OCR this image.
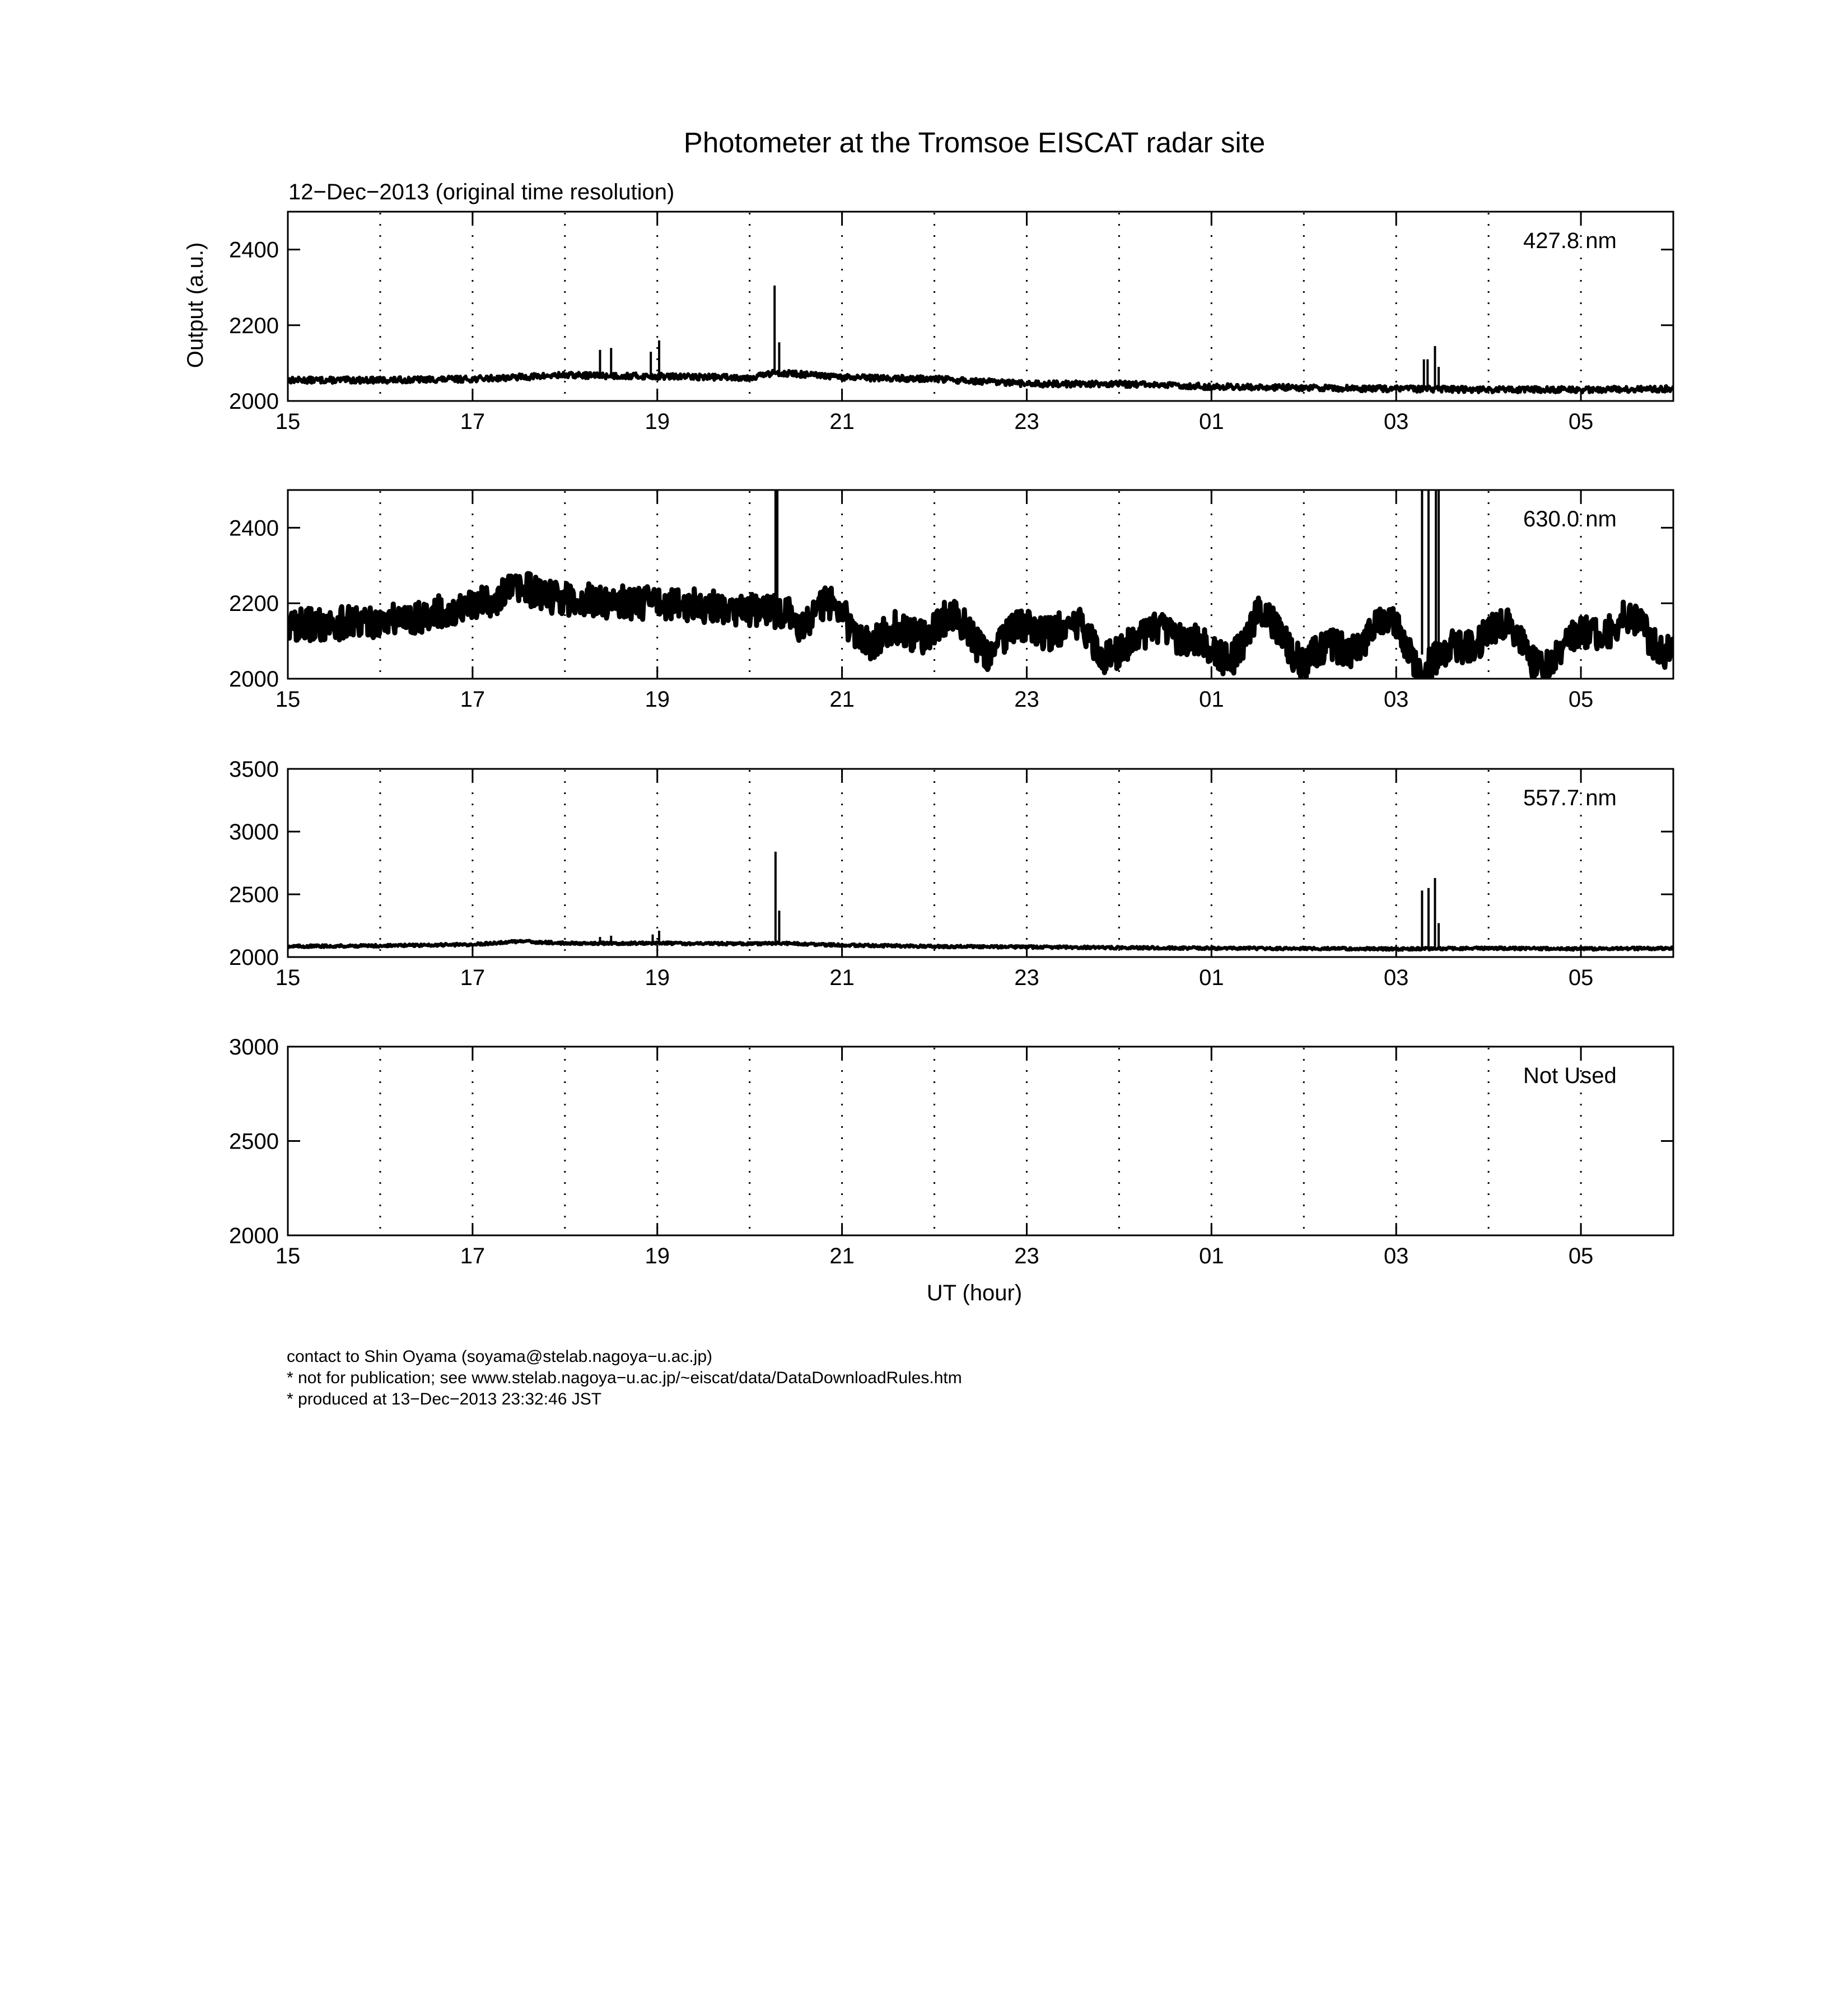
Photometer at the Tromsoe EISCAT radar site
12−Dec−2013 (original time resolution)
Output (a.u.)
2000
2200
2400
15	17	19	21	23	01	03	05
427.8 nm
2000
2200
2400
15	17	19	21	23	01	03	05
630.0 nm
2000
2500
3000
3500
15	17	19	21	23	01	03	05
557.7 nm
2000
2500
3000
15	17	19	21	23	01	03	05
Not Used
UT (hour)
contact to Shin Oyama (soyama@stelab.nagoya−u.ac.jp)
* not for publication; see www.stelab.nagoya−u.ac.jp/~eiscat/data/DataDownloadRules.htm
* produced at 13−Dec−2013 23:32:46 JST
